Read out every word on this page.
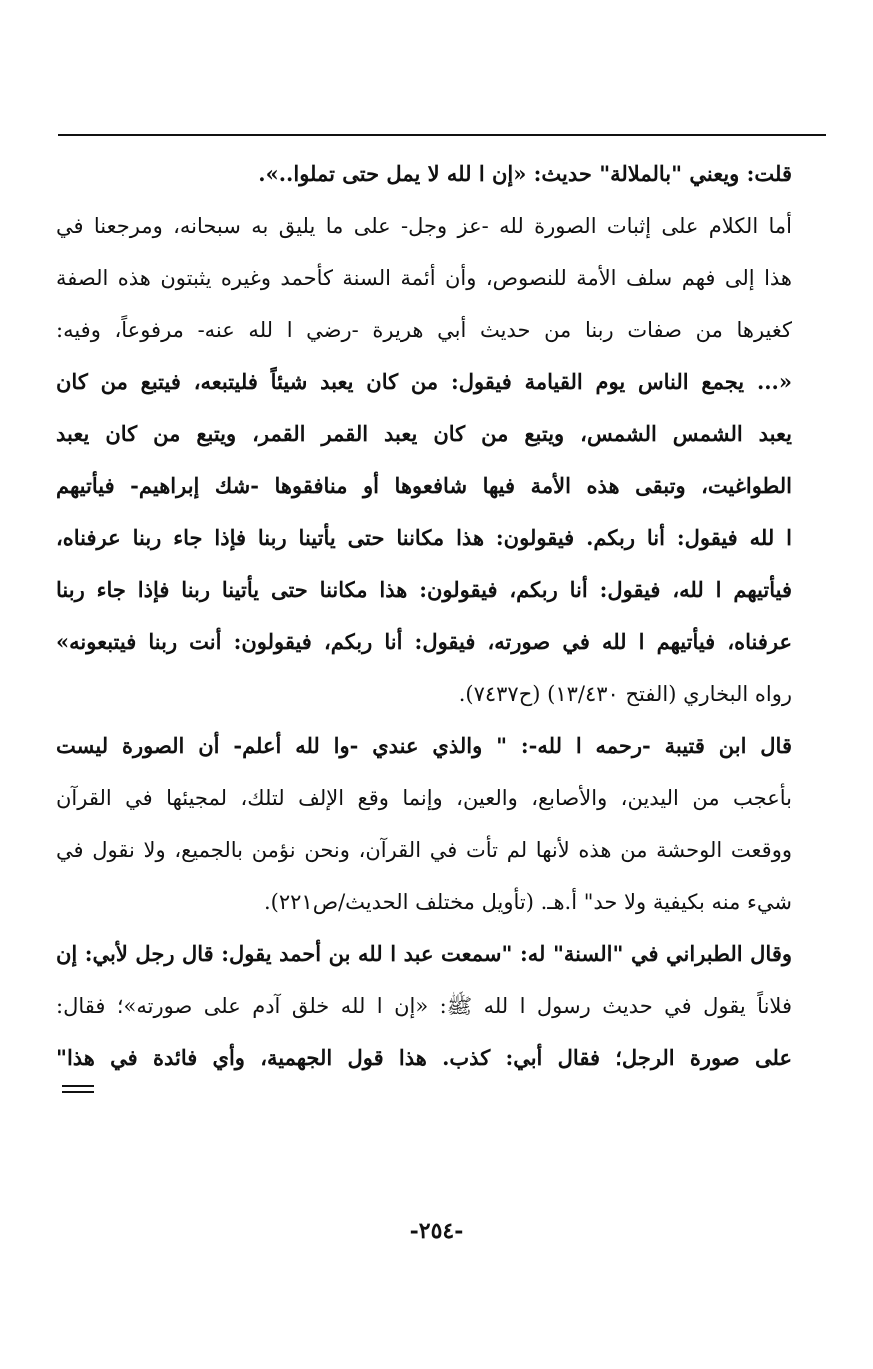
قلت: ويعني "بالملالة" حديث: «إن ا لله لا يمل حتى تملوا..».
أما الكلام على إثبات الصورة لله -عز وجل- على ما يليق به سبحانه، ومرجعنا في
هذا إلى فهم سلف الأمة للنصوص، وأن أئمة السنة كأحمد وغيره يثبتون هذه الصفة
كغيرها من صفات ربنا من حديث أبي هريرة -رضي ا لله عنه- مرفوعاً، وفيه:
«... يجمع الناس يوم القيامة فيقول: من كان يعبد شيئاً فليتبعه، فيتبع من كان
يعبد الشمس الشمس، ويتبع من كان يعبد القمر القمر، ويتبع من كان يعبد
الطواغيت، وتبقى هذه الأمة فيها شافعوها أو منافقوها -شك إبراهيم- فيأتيهم
ا لله فيقول: أنا ربكم. فيقولون: هذا مكاننا حتى يأتينا ربنا فإذا جاء ربنا عرفناه،
فيأتيهم ا لله، فيقول: أنا ربكم، فيقولون: هذا مكاننا حتى يأتينا ربنا فإذا جاء ربنا
عرفناه، فيأتيهم ا لله في صورته، فيقول: أنا ربكم، فيقولون: أنت ربنا فيتبعونه»
رواه البخاري (الفتح ١٣/٤٣٠) (ح٧٤٣٧).
قال ابن قتيبة -رحمه ا لله-: " والذي عندي -وا لله أعلم- أن الصورة ليست
بأعجب من اليدين، والأصابع، والعين، وإنما وقع الإلف لتلك، لمجيئها في القرآن
ووقعت الوحشة من هذه لأنها لم تأت في القرآن، ونحن نؤمن بالجميع، ولا نقول في
شيء منه بكيفية ولا حد" أ.هـ. (تأويل مختلف الحديث/ص٢٢١).
وقال الطبراني في "السنة" له: "سمعت عبد ا لله بن أحمد يقول: قال رجل لأبي: إن
فلاناً يقول في حديث رسول ا لله ﷺ: «إن ا لله خلق آدم على صورته»؛ فقال:
على صورة الرجل؛ فقال أبي: كذب. هذا قول الجهمية، وأي فائدة في هذا"
-٢٥٤-
